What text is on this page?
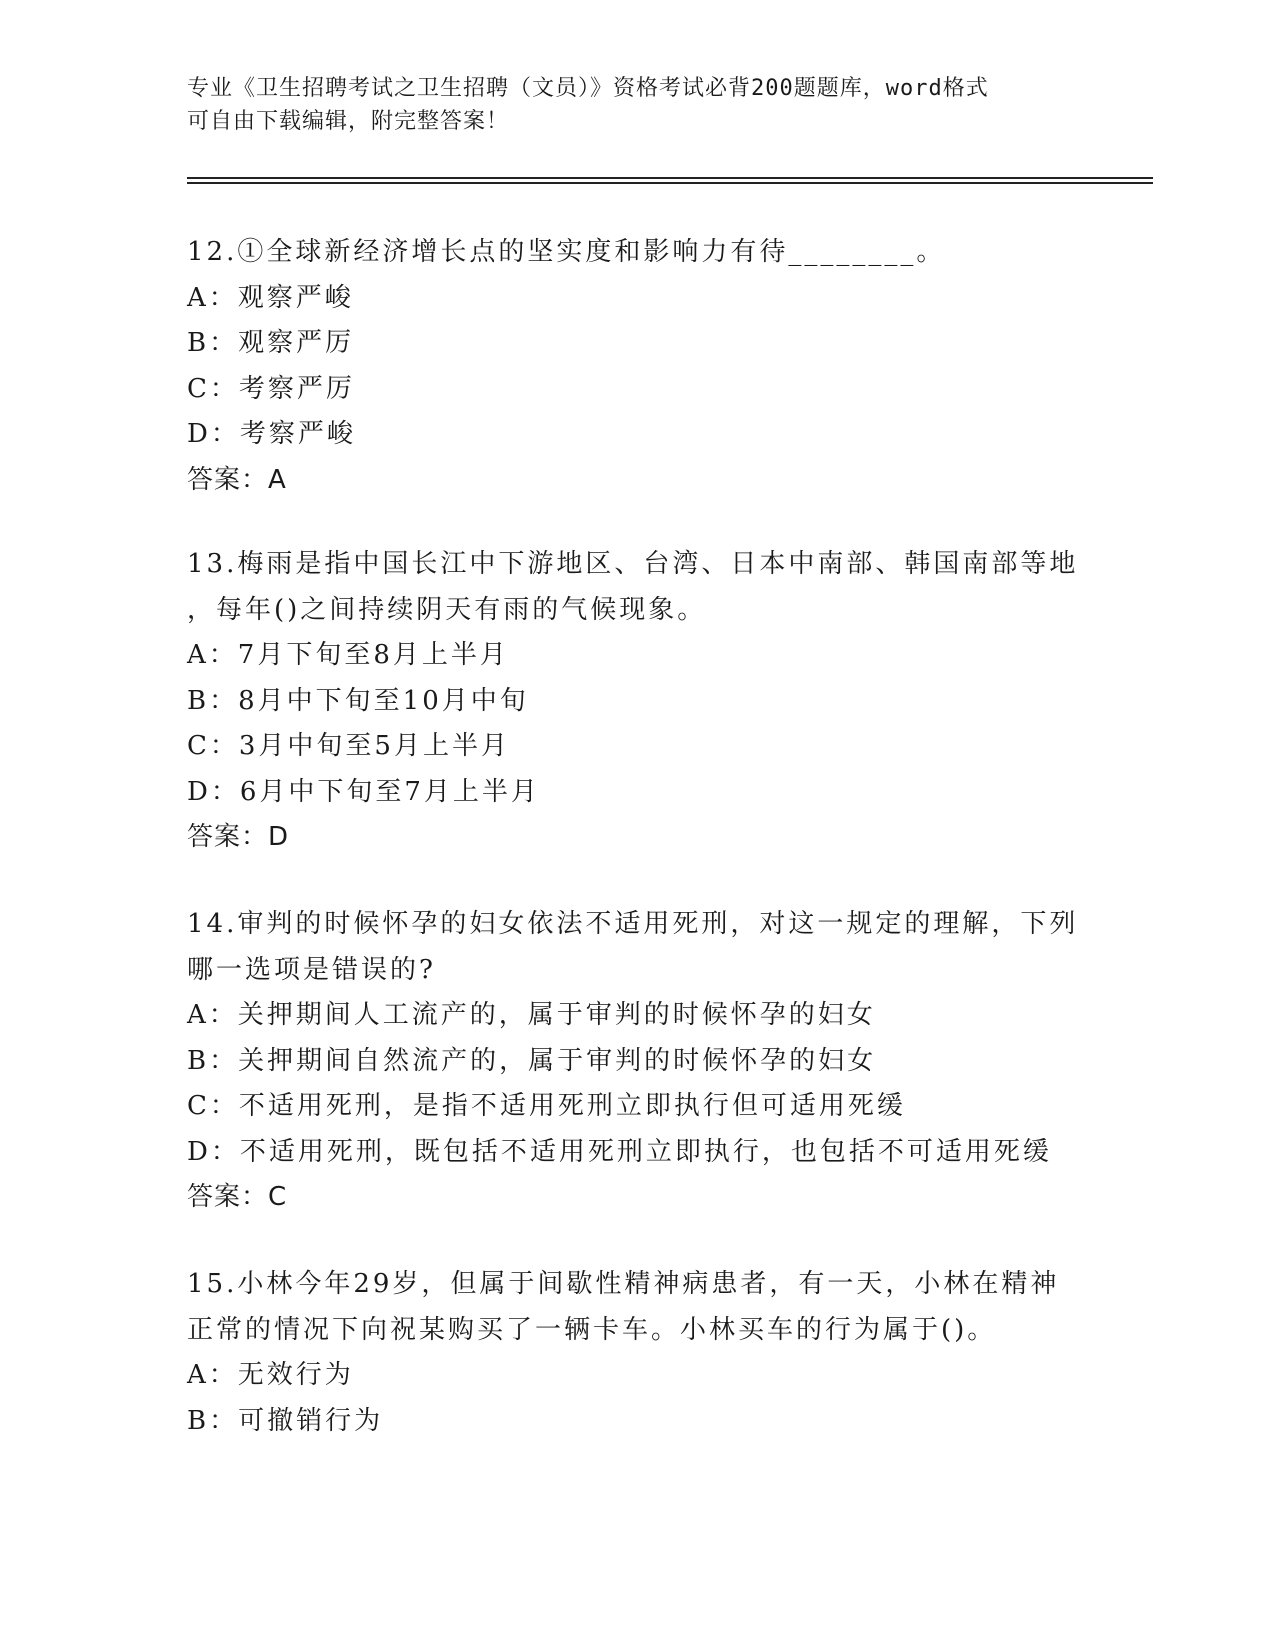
专业《卫生招聘考试之卫生招聘（文员）》资格考试必背200题题库，word格式
可自由下载编辑，附完整答案！
12.①全球新经济增长点的坚实度和影响力有待________。
A：观察严峻
B：观察严厉
C：考察严厉
D：考察严峻
答案：A
13.梅雨是指中国长江中下游地区、台湾、日本中南部、韩国南部等地
，每年()之间持续阴天有雨的气候现象。
A：7月下旬至8月上半月
B：8月中下旬至10月中旬
C：3月中旬至5月上半月
D：6月中下旬至7月上半月
答案：D
14.审判的时候怀孕的妇女依法不适用死刑，对这一规定的理解，下列
哪一选项是错误的?
A：关押期间人工流产的，属于审判的时候怀孕的妇女
B：关押期间自然流产的，属于审判的时候怀孕的妇女
C：不适用死刑，是指不适用死刑立即执行但可适用死缓
D：不适用死刑，既包括不适用死刑立即执行，也包括不可适用死缓
答案：C
15.小林今年29岁，但属于间歇性精神病患者，有一天，小林在精神
正常的情况下向祝某购买了一辆卡车。小林买车的行为属于()。
A：无效行为
B：可撤销行为
